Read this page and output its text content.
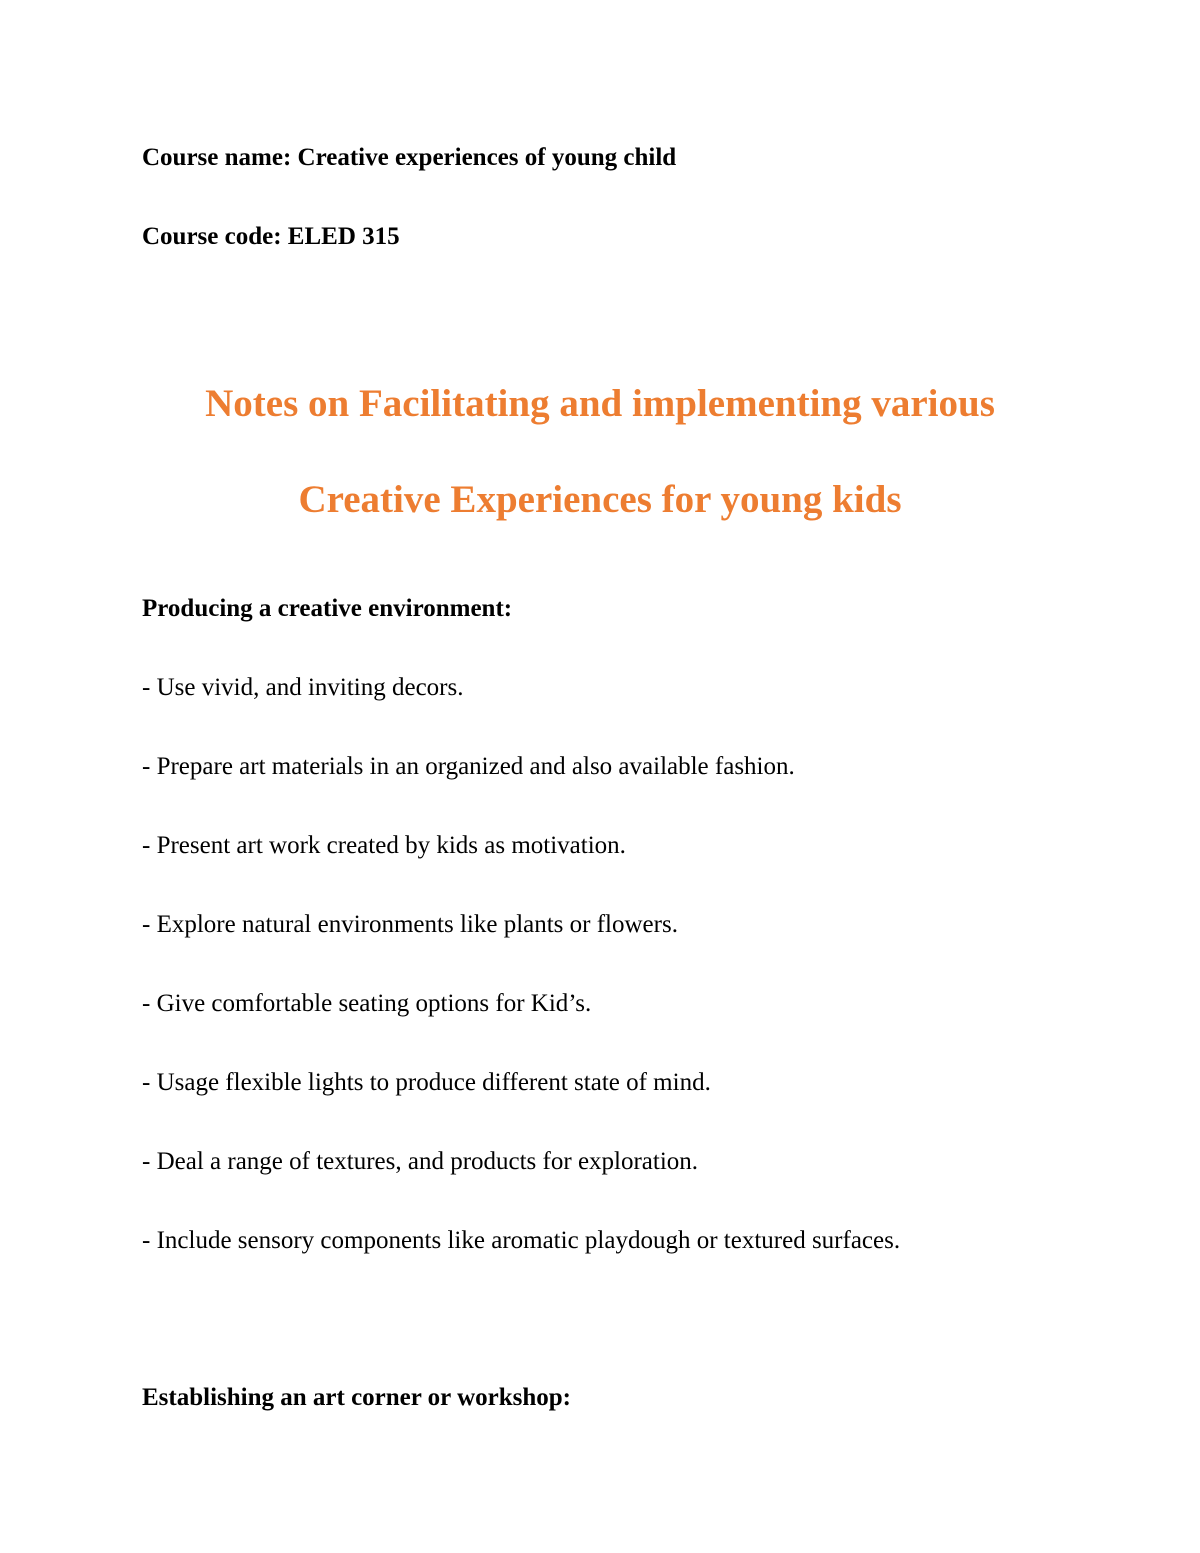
Course name: Creative experiences of young child
Course code: ELED 315
Notes on Facilitating and implementing various
Creative Experiences for young kids
Producing a creative environment:
- Use vivid, and inviting decors.
- Prepare art materials in an organized and also available fashion.
- Present art work created by kids as motivation.
- Explore natural environments like plants or flowers.
- Give comfortable seating options for Kid’s.
- Usage flexible lights to produce different state of mind.
- Deal a range of textures, and products for exploration.
- Include sensory components like aromatic playdough or textured surfaces.
Establishing an art corner or workshop:
